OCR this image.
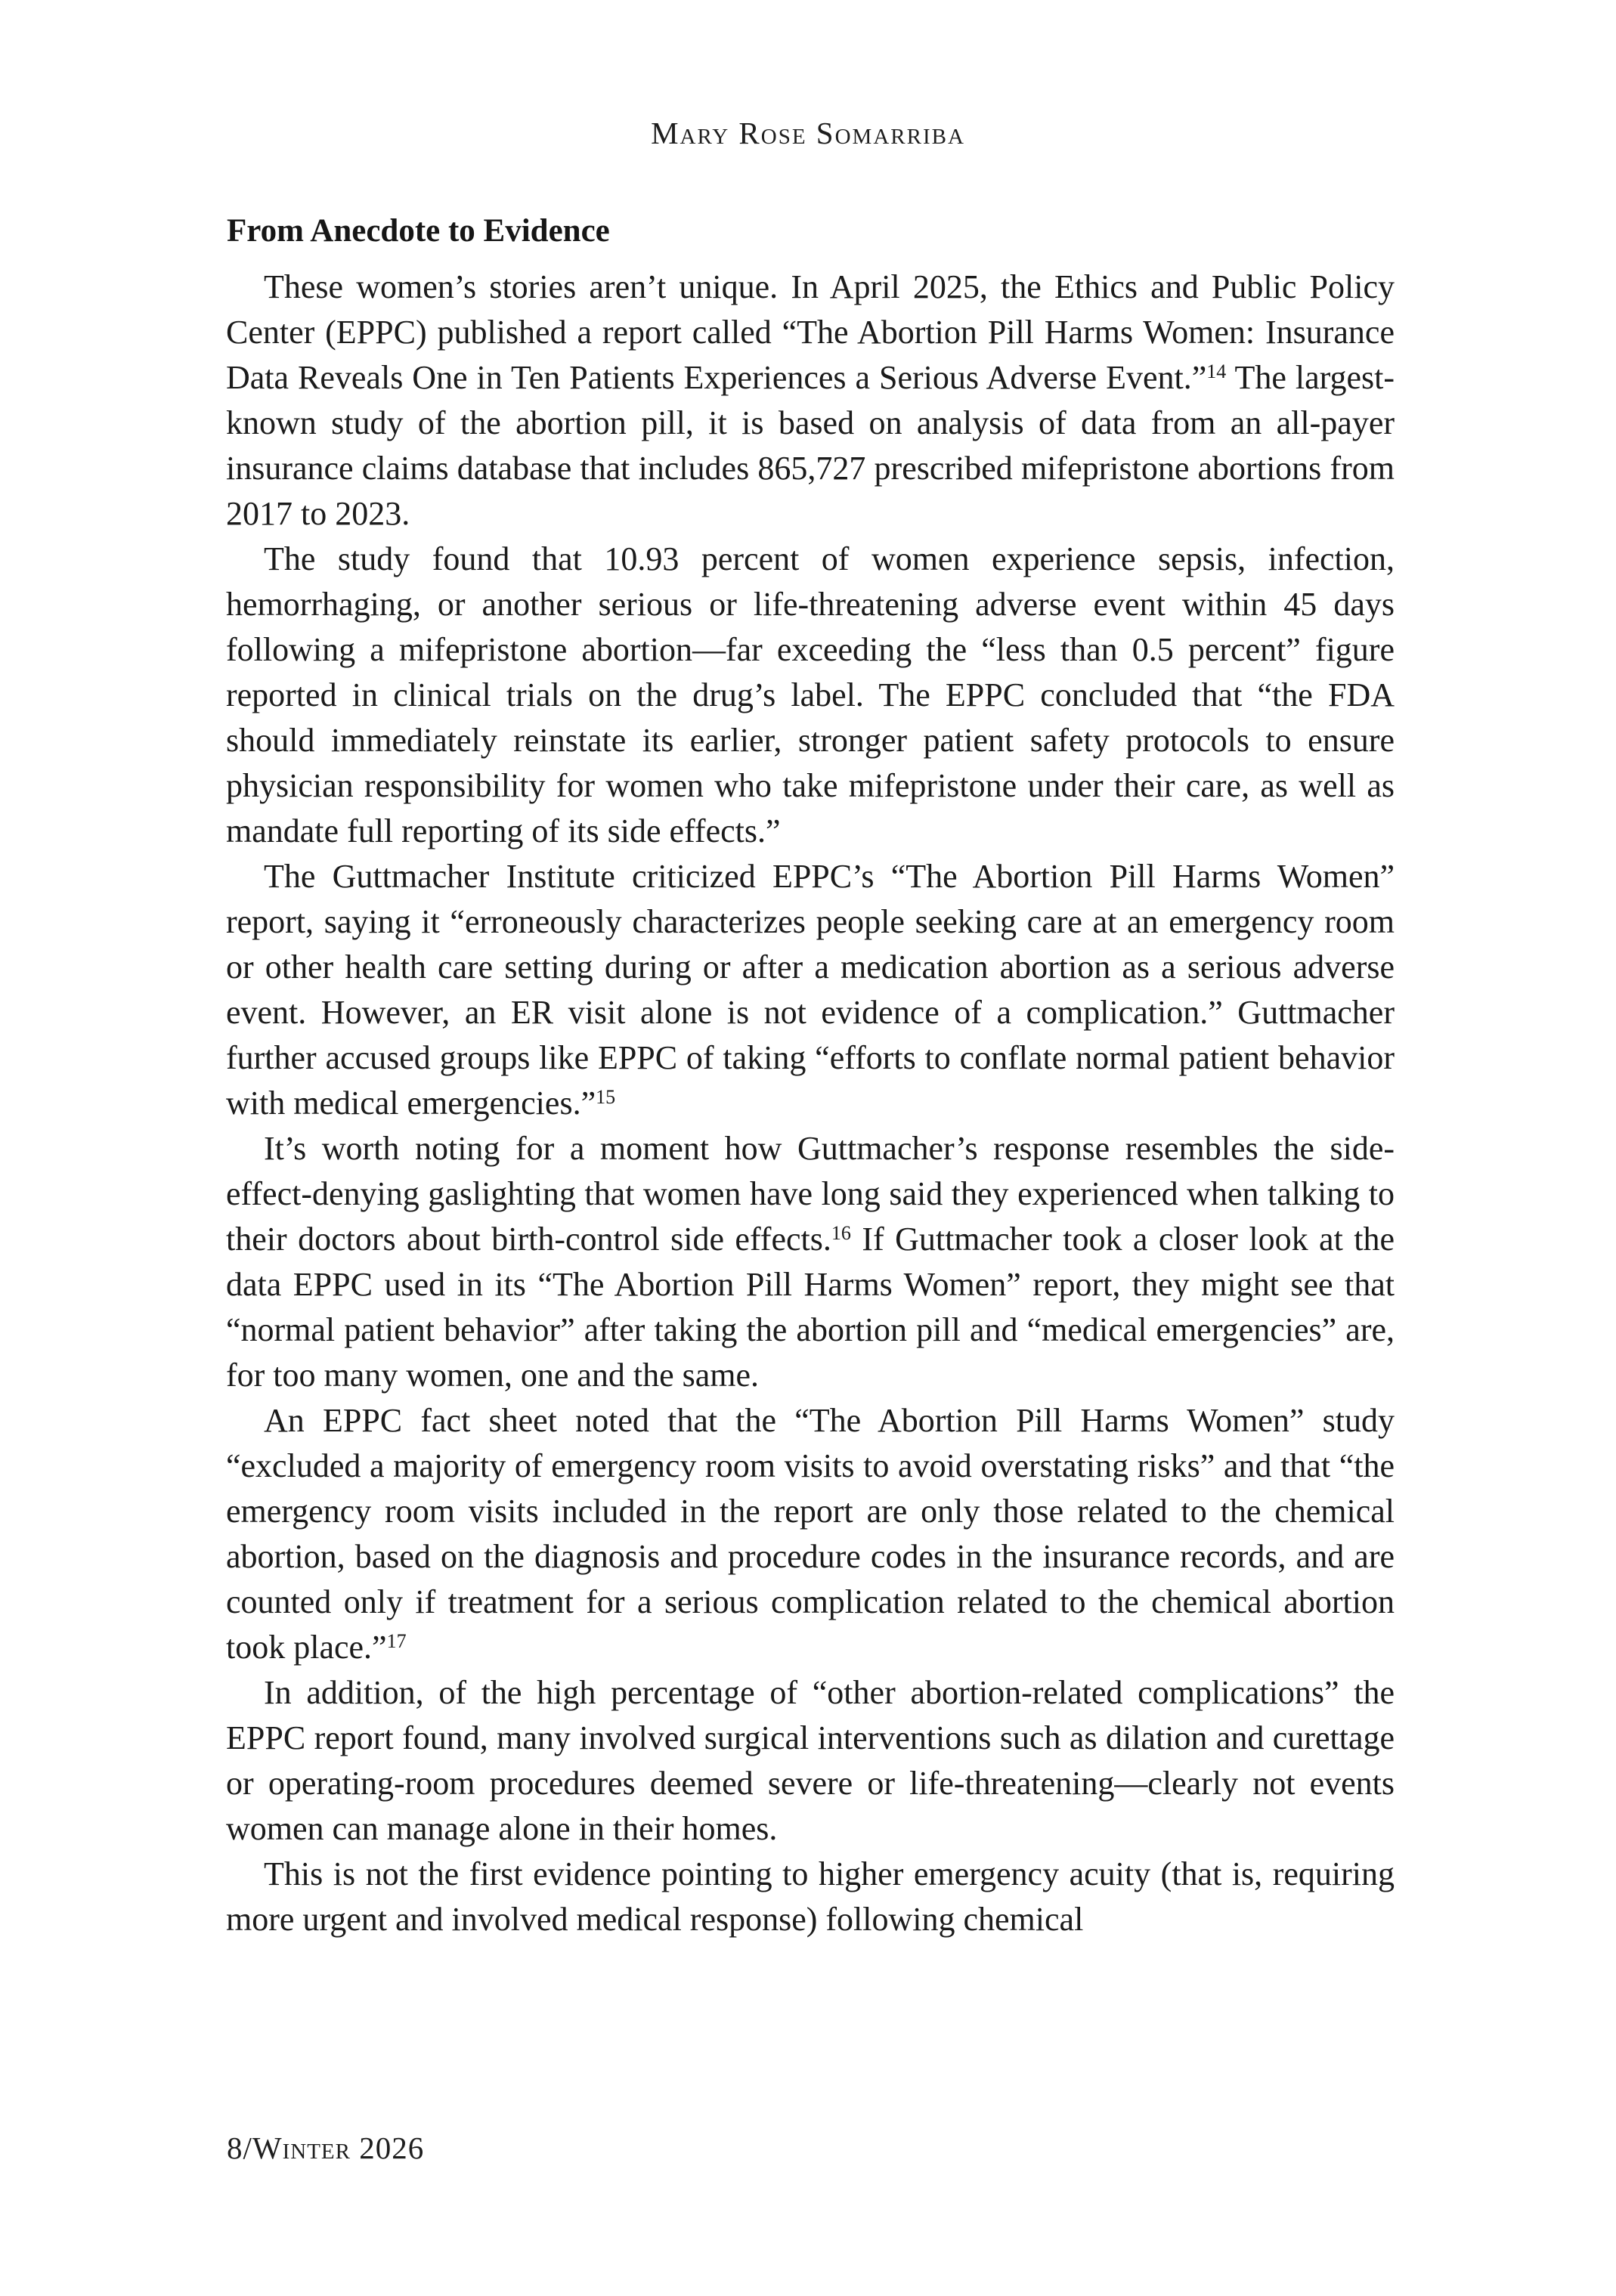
Mary Rose Somarriba
From Anecdote to Evidence

These women’s stories aren’t unique. In April 2025, the Ethics and Public Policy Center (EPPC) published a report called “The Abortion Pill Harms Women: Insurance Data Reveals One in Ten Patients Experiences a Serious Adverse Event.”$^{14}$ The largest-known study of the abortion pill, it is based on analysis of data from an all-payer insurance claims database that includes 865,727 prescribed mifepristone abortions from 2017 to 2023.

The study found that 10.93 percent of women experience sepsis, infection, hemorrhaging, or another serious or life-threatening adverse event within 45 days following a mifepristone abortion—far exceeding the “less than 0.5 percent” figure reported in clinical trials on the drug’s label. The EPPC concluded that “the FDA should immediately reinstate its earlier, stronger patient safety protocols to ensure physician responsibility for women who take mifepristone under their care, as well as mandate full reporting of its side effects.”

The Guttmacher Institute criticized EPPC’s “The Abortion Pill Harms Women” report, saying it “erroneously characterizes people seeking care at an emergency room or other health care setting during or after a medication abortion as a serious adverse event. However, an ER visit alone is not evidence of a complication.” Guttmacher further accused groups like EPPC of taking “efforts to conflate normal patient behavior with medical emergencies.”$^{15}$

It’s worth noting for a moment how Guttmacher’s response resembles the side-effect-denying gaslighting that women have long said they experienced when talking to their doctors about birth-control side effects.$^{16}$ If Guttmacher took a closer look at the data EPPC used in its “The Abortion Pill Harms Women” report, they might see that “normal patient behavior” after taking the abortion pill and “medical emergencies” are, for too many women, one and the same.

An EPPC fact sheet noted that the “The Abortion Pill Harms Women” study “excluded a majority of emergency room visits to avoid overstating risks” and that “the emergency room visits included in the report are only those related to the chemical abortion, based on the diagnosis and procedure codes in the insurance records, and are counted only if treatment for a serious complication related to the chemical abortion took place.”$^{17}$

In addition, of the high percentage of “other abortion-related complications” the EPPC report found, many involved surgical interventions such as dilation and curettage or operating-room procedures deemed severe or life-threatening—clearly not events women can manage alone in their homes.

This is not the first evidence pointing to higher emergency acuity (that is, requiring more urgent and involved medical response) following chemical

8/Winter 2026
